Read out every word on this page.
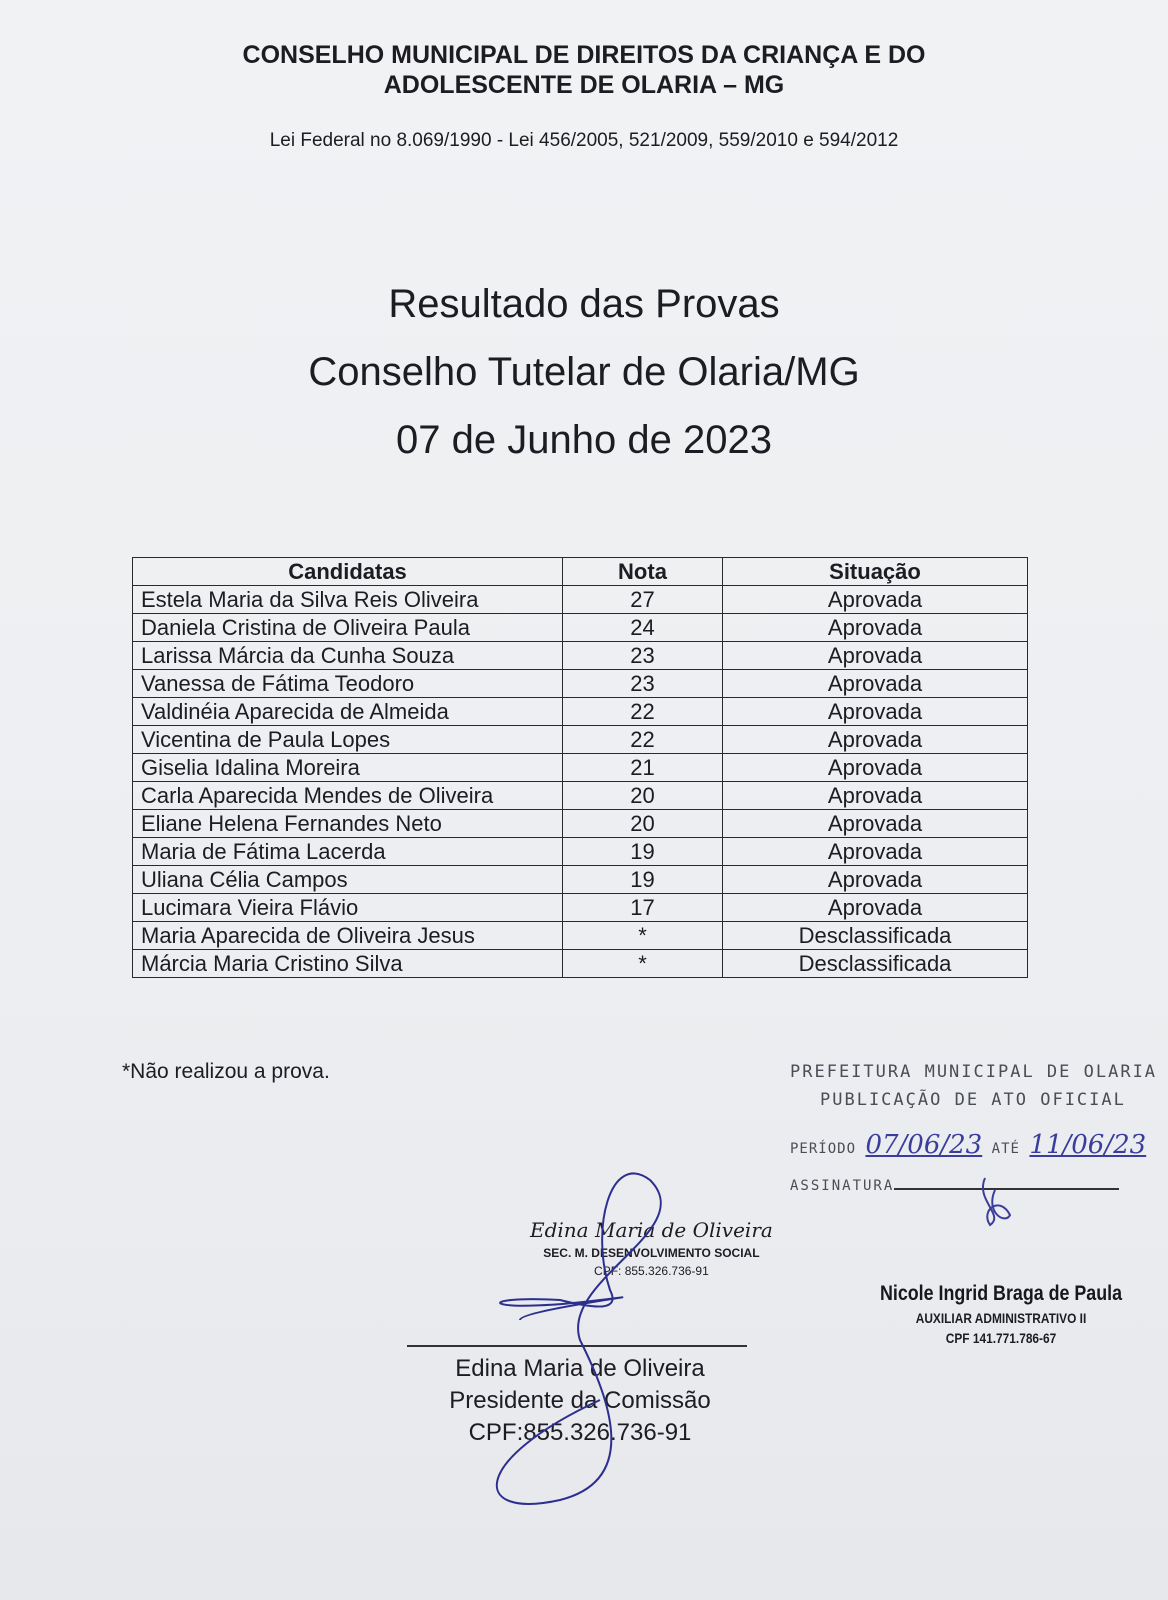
CONSELHO MUNICIPAL DE DIREITOS DA CRIANÇA E DO
ADOLESCENTE DE OLARIA – MG
Lei Federal no 8.069/1990 - Lei 456/2005, 521/2009, 559/2010 e 594/2012
Resultado das Provas
Conselho Tutelar de Olaria/MG
07 de Junho de 2023
Candidatas	Nota	Situação
Estela Maria da Silva Reis Oliveira	27	Aprovada
Daniela Cristina de Oliveira Paula	24	Aprovada
Larissa Márcia da Cunha Souza	23	Aprovada
Vanessa de Fátima Teodoro	23	Aprovada
Valdinéia Aparecida de Almeida	22	Aprovada
Vicentina de Paula Lopes	22	Aprovada
Giselia Idalina Moreira	21	Aprovada
Carla Aparecida Mendes de Oliveira	20	Aprovada
Eliane Helena Fernandes Neto	20	Aprovada
Maria de Fátima Lacerda	19	Aprovada
Uliana Célia Campos	19	Aprovada
Lucimara Vieira Flávio	17	Aprovada
Maria Aparecida de Oliveira Jesus	*	Desclassificada
Márcia Maria Cristino Silva	*	Desclassificada
*Não realizou a prova.	PREFEITURA MUNICIPAL DE OLARIA
PUBLICAÇÃO DE ATO OFICIAL
PERÍODO 07/06/23 ATÉ 11/06/23
ASSINATURA
Edina Maria de Oliveira
SEC. M. DESENVOLVIMENTO SOCIAL
CPF: 855.326.736-91
Edina Maria de Oliveira
Presidente da Comissão
CPF:855.326.736-91
Nicole Ingrid Braga de Paula
AUXILIAR ADMINISTRATIVO II
CPF 141.771.786-67
